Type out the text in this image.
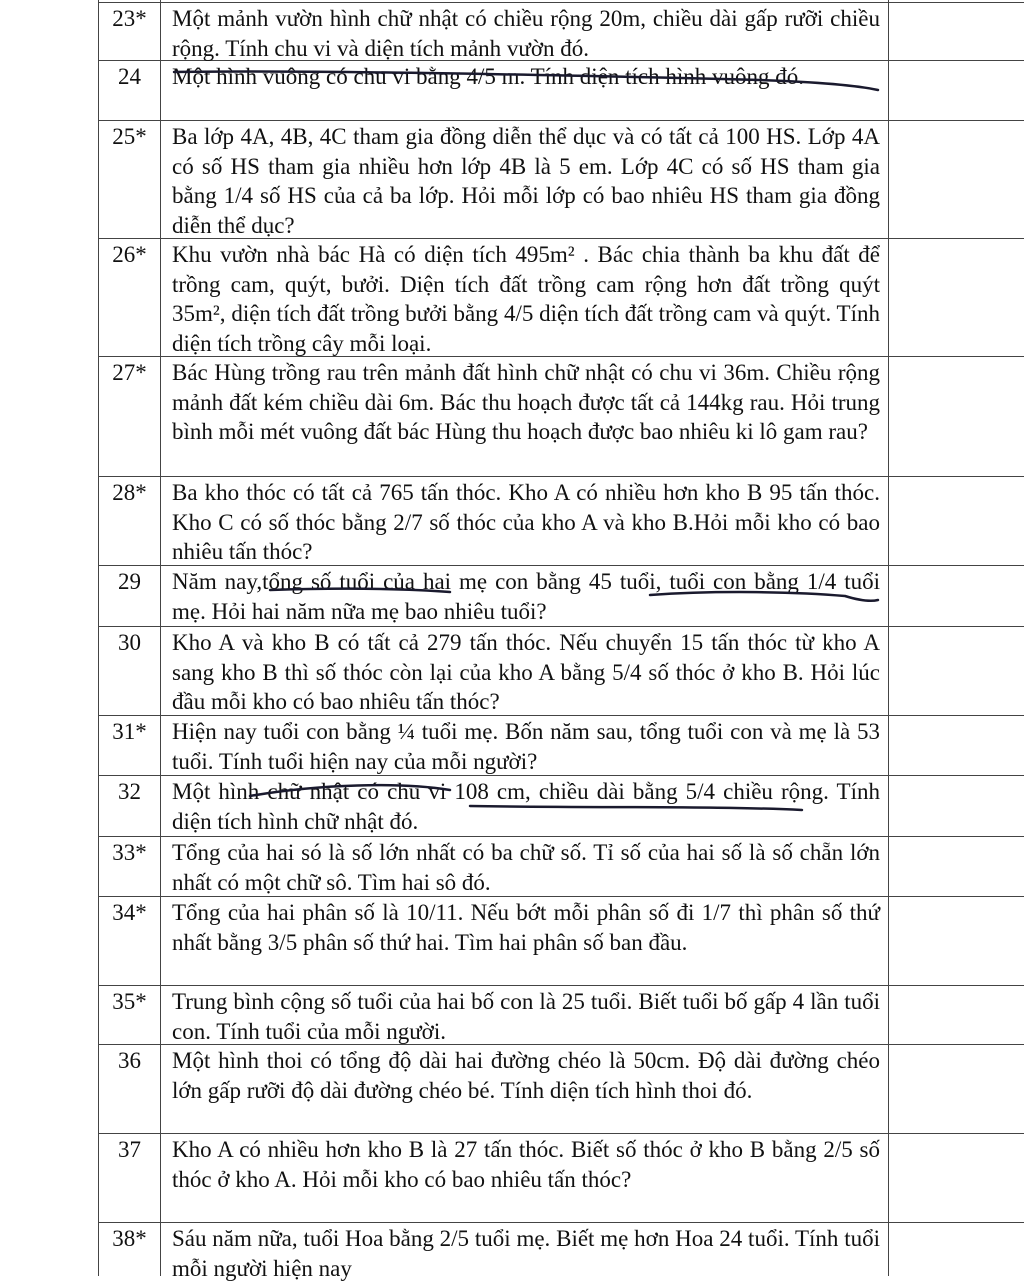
23*	Một mảnh vườn hình chữ nhật có chiều rộng 20m, chiều dài gấp rưỡi chiều rộng. Tính chu vi và diện tích mảnh vườn đó.
24	Một hình vuông có chu vi bằng 4/5 m. Tính diện tích hình vuông đó.
25*	Ba lớp 4A, 4B, 4C tham gia đồng diễn thể dục và có tất cả 100 HS. Lớp 4A có số HS tham gia nhiều hơn lớp 4B là 5 em. Lớp 4C có số HS tham gia bằng 1/4 số HS của cả ba lớp. Hỏi mỗi lớp có bao nhiêu HS tham gia đồng diễn thể dục?
26*	Khu vườn nhà bác Hà có diện tích 495m² . Bác chia thành ba khu đất để trồng cam, quýt, bưởi. Diện tích đất trồng cam rộng hơn đất trồng quýt 35m², diện tích đất trồng bưởi bằng 4/5 diện tích đất trồng cam và quýt. Tính diện tích trồng cây mỗi loại.
27*	Bác Hùng trồng rau trên mảnh đất hình chữ nhật có chu vi 36m. Chiều rộng mảnh đất kém chiều dài 6m. Bác thu hoạch được tất cả 144kg rau. Hỏi trung bình mỗi mét vuông đất bác Hùng thu hoạch được bao nhiêu ki lô gam rau?
28*	Ba kho thóc có tất cả 765 tấn thóc. Kho A có nhiều hơn kho B 95 tấn thóc. Kho C có số thóc bằng 2/7 số thóc của kho A và kho B.Hỏi mỗi kho có bao nhiêu tấn thóc?
29	Năm nay,tổng số tuổi của hai mẹ con bằng 45 tuổi, tuổi con bằng 1/4 tuổi mẹ. Hỏi hai năm nữa mẹ bao nhiêu tuổi?
30	Kho A và kho B có tất cả 279 tấn thóc. Nếu chuyển 15 tấn thóc từ kho A sang kho B thì số thóc còn lại của kho A bằng 5/4 số thóc ở kho B. Hỏi lúc đầu mỗi kho có bao nhiêu tấn thóc?
31*	Hiện nay tuổi con bằng ¼ tuổi mẹ. Bốn năm sau, tổng tuổi con và mẹ là 53 tuổi. Tính tuổi hiện nay của mỗi người?
32	Một hình chữ nhật có chu vi 108 cm, chiều dài bằng 5/4 chiều rộng. Tính diện tích hình chữ nhật đó.
33*	Tổng của hai só là số lớn nhất có ba chữ số. Tỉ số của hai số là số chẵn lớn nhất có một chữ sô. Tìm hai sô đó.
34*	Tổng của hai phân số là 10/11. Nếu bớt mỗi phân số đi 1/7 thì phân số thứ nhất bằng 3/5 phân số thứ hai. Tìm hai phân số ban đầu.
35*	Trung bình cộng số tuổi của hai bố con là 25 tuổi. Biết tuổi bố gấp 4 lần tuổi con. Tính tuổi của mỗi người.
36	Một hình thoi có tổng độ dài hai đường chéo là 50cm. Độ dài đường chéo lớn gấp rưỡi độ dài đường chéo bé. Tính diện tích hình thoi đó.
37	Kho A có nhiều hơn kho B là 27 tấn thóc. Biết số thóc ở kho B bằng 2/5 số thóc ở kho A. Hỏi mỗi kho có bao nhiêu tấn thóc?
38*	Sáu năm nữa, tuổi Hoa bằng 2/5 tuổi mẹ. Biết mẹ hơn Hoa 24 tuổi. Tính tuổi mỗi người hiện nay
